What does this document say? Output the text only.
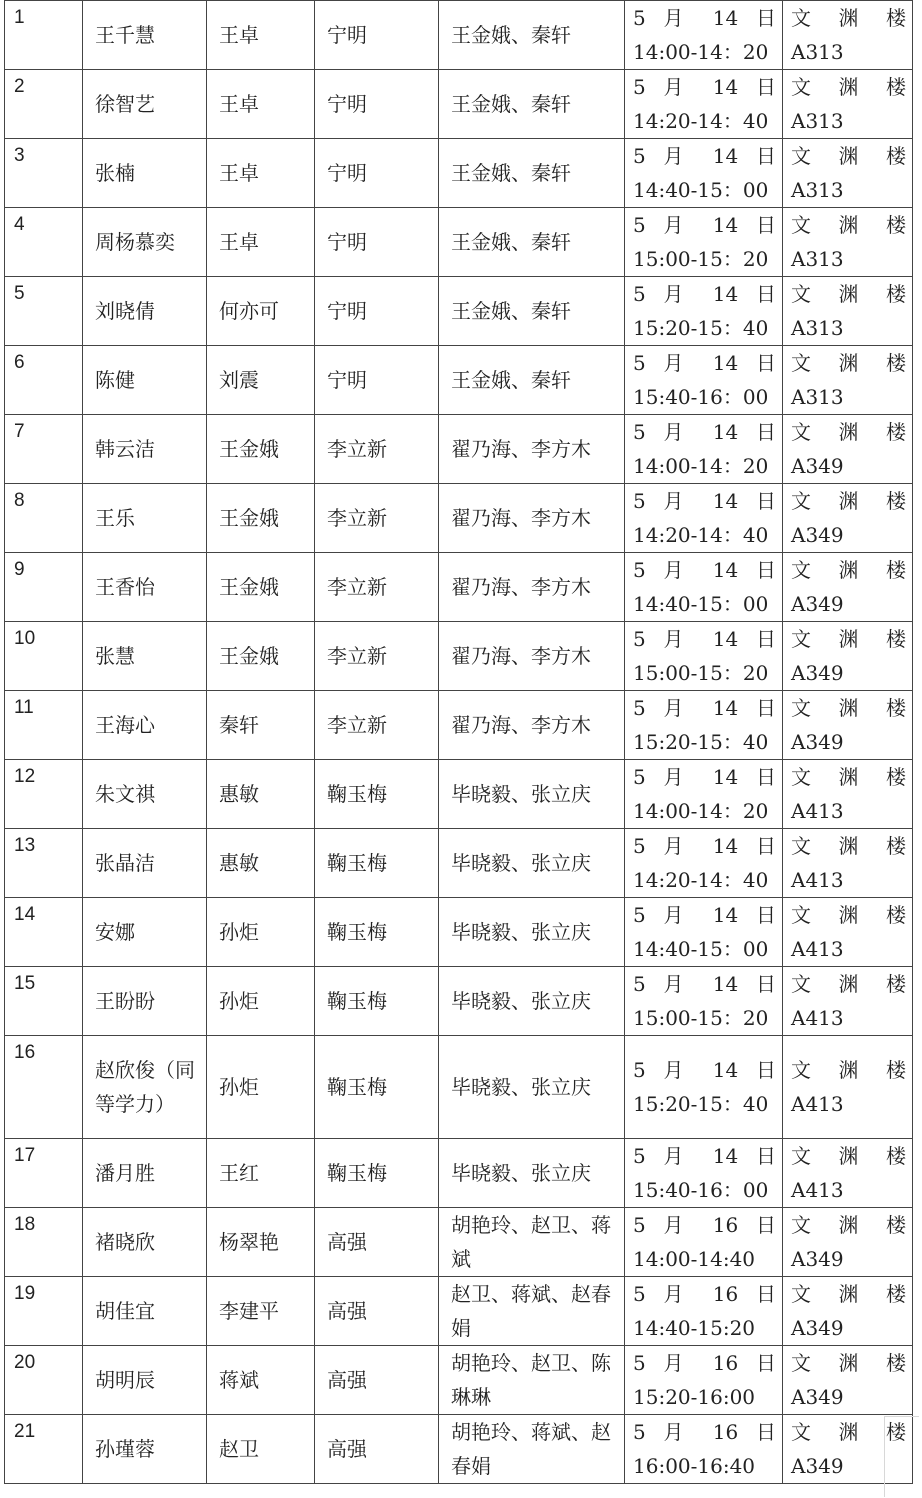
1	王千慧	王卓	宁明	王金娥、秦轩	5 月 14 日
14:00-14：20	文 渊 楼
A313

2	徐智艺	王卓	宁明	王金娥、秦轩	5 月 14 日
14:20-14：40	文 渊 楼
A313

3	张楠	王卓	宁明	王金娥、秦轩	5 月 14 日
14:40-15：00	文 渊 楼
A313

4	周杨慕奕	王卓	宁明	王金娥、秦轩	5 月 14 日
15:00-15：20	文 渊 楼
A313

5	刘晓倩	何亦可	宁明	王金娥、秦轩	5 月 14 日
15:20-15：40	文 渊 楼
A313

6	陈健	刘震	宁明	王金娥、秦轩	5 月 14 日
15:40-16：00	文 渊 楼
A313

7	韩云洁	王金娥	李立新	翟乃海、李方木	5 月 14 日
14:00-14：20	文 渊 楼
A349

8	王乐	王金娥	李立新	翟乃海、李方木	5 月 14 日
14:20-14：40	文 渊 楼
A349

9	王香怡	王金娥	李立新	翟乃海、李方木	5 月 14 日
14:40-15：00	文 渊 楼
A349

10	张慧	王金娥	李立新	翟乃海、李方木	5 月 14 日
15:00-15：20	文 渊 楼
A349

11	王海心	秦轩	李立新	翟乃海、李方木	5 月 14 日
15:20-15：40	文 渊 楼
A349

12	朱文祺	惠敏	鞠玉梅	毕晓毅、张立庆	5 月 14 日
14:00-14：20	文 渊 楼
A413

13	张晶洁	惠敏	鞠玉梅	毕晓毅、张立庆	5 月 14 日
14:20-14：40	文 渊 楼
A413

14	安娜	孙炬	鞠玉梅	毕晓毅、张立庆	5 月 14 日
14:40-15：00	文 渊 楼
A413

15	王盼盼	孙炬	鞠玉梅	毕晓毅、张立庆	5 月 14 日
15:00-15：20	文 渊 楼
A413

16	赵欣俊（同等学力）	孙炬	鞠玉梅	毕晓毅、张立庆	5 月 14 日
15:20-15：40	文 渊 楼
A413

17	潘月胜	王红	鞠玉梅	毕晓毅、张立庆	5 月 14 日
15:40-16：00	文 渊 楼
A413

18	褚晓欣	杨翠艳	高强	胡艳玲、赵卫、蒋斌	5 月 16 日
14:00-14:40	文 渊 楼
A349

19	胡佳宜	李建平	高强	赵卫、蒋斌、赵春娟	5 月 16 日
14:40-15:20	文 渊 楼
A349

20	胡明辰	蒋斌	高强	胡艳玲、赵卫、陈琳琳	5 月 16 日
15:20-16:00	文 渊 楼
A349

21	孙瑾蓉	赵卫	高强	胡艳玲、蒋斌、赵春娟	5 月 16 日
16:00-16:40	文 渊 楼
A349
